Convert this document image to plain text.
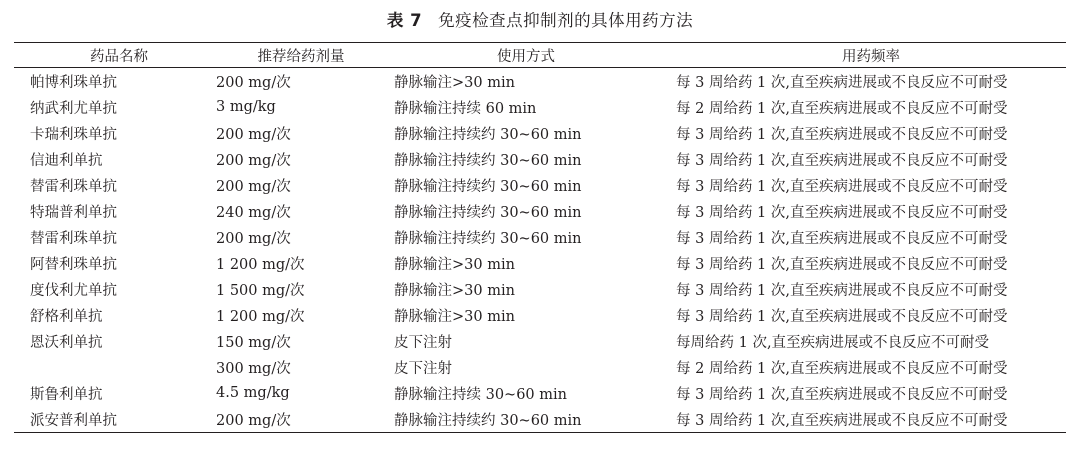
表 7 免疫检查点抑制剂的具体用药方法
药品名称	推荐给药剂量	使用方式	用药频率
帕博利珠单抗	200 mg/次	静脉输注>30 min	每 3 周给药 1 次,直至疾病进展或不良反应不可耐受
纳武利尤单抗	3 mg/kg	静脉输注持续 60 min	每 2 周给药 1 次,直至疾病进展或不良反应不可耐受
卡瑞利珠单抗	200 mg/次	静脉输注持续约 30~60 min	每 3 周给药 1 次,直至疾病进展或不良反应不可耐受
信迪利单抗	200 mg/次	静脉输注持续约 30~60 min	每 3 周给药 1 次,直至疾病进展或不良反应不可耐受
替雷利珠单抗	200 mg/次	静脉输注持续约 30~60 min	每 3 周给药 1 次,直至疾病进展或不良反应不可耐受
特瑞普利单抗	240 mg/次	静脉输注持续约 30~60 min	每 3 周给药 1 次,直至疾病进展或不良反应不可耐受
替雷利珠单抗	200 mg/次	静脉输注持续约 30~60 min	每 3 周给药 1 次,直至疾病进展或不良反应不可耐受
阿替利珠单抗	1 200 mg/次	静脉输注>30 min	每 3 周给药 1 次,直至疾病进展或不良反应不可耐受
度伐利尤单抗	1 500 mg/次	静脉输注>30 min	每 3 周给药 1 次,直至疾病进展或不良反应不可耐受
舒格利单抗	1 200 mg/次	静脉输注>30 min	每 3 周给药 1 次,直至疾病进展或不良反应不可耐受
恩沃利单抗	150 mg/次	皮下注射	每周给药 1 次,直至疾病进展或不良反应不可耐受
	300 mg/次	皮下注射	每 2 周给药 1 次,直至疾病进展或不良反应不可耐受
斯鲁利单抗	4.5 mg/kg	静脉输注持续 30~60 min	每 3 周给药 1 次,直至疾病进展或不良反应不可耐受
派安普利单抗	200 mg/次	静脉输注持续约 30~60 min	每 3 周给药 1 次,直至疾病进展或不良反应不可耐受
